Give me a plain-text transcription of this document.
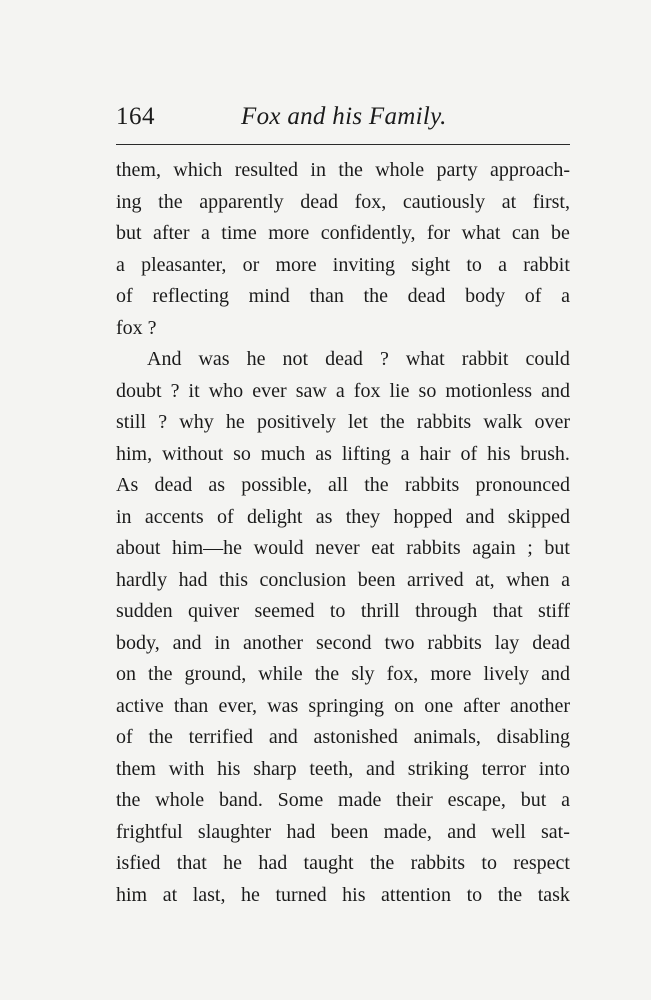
164	Fox and his Family.
them, which resulted in the whole party approach-
ing the apparently dead fox, cautiously at first,
but after a time more confidently, for what can be
a pleasanter, or more inviting sight to a rabbit
of reflecting mind than the dead body of a
fox ?
And was he not dead ? what rabbit could
doubt ? it who ever saw a fox lie so motionless and
still ? why he positively let the rabbits walk over
him, without so much as lifting a hair of his brush.
As dead as possible, all the rabbits pronounced
in accents of delight as they hopped and skipped
about him—he would never eat rabbits again ; but
hardly had this conclusion been arrived at, when a
sudden quiver seemed to thrill through that stiff
body, and in another second two rabbits lay dead
on the ground, while the sly fox, more lively and
active than ever, was springing on one after another
of the terrified and astonished animals, disabling
them with his sharp teeth, and striking terror into
the whole band. Some made their escape, but a
frightful slaughter had been made, and well sat-
isfied that he had taught the rabbits to respect
him at last, he turned his attention to the task
